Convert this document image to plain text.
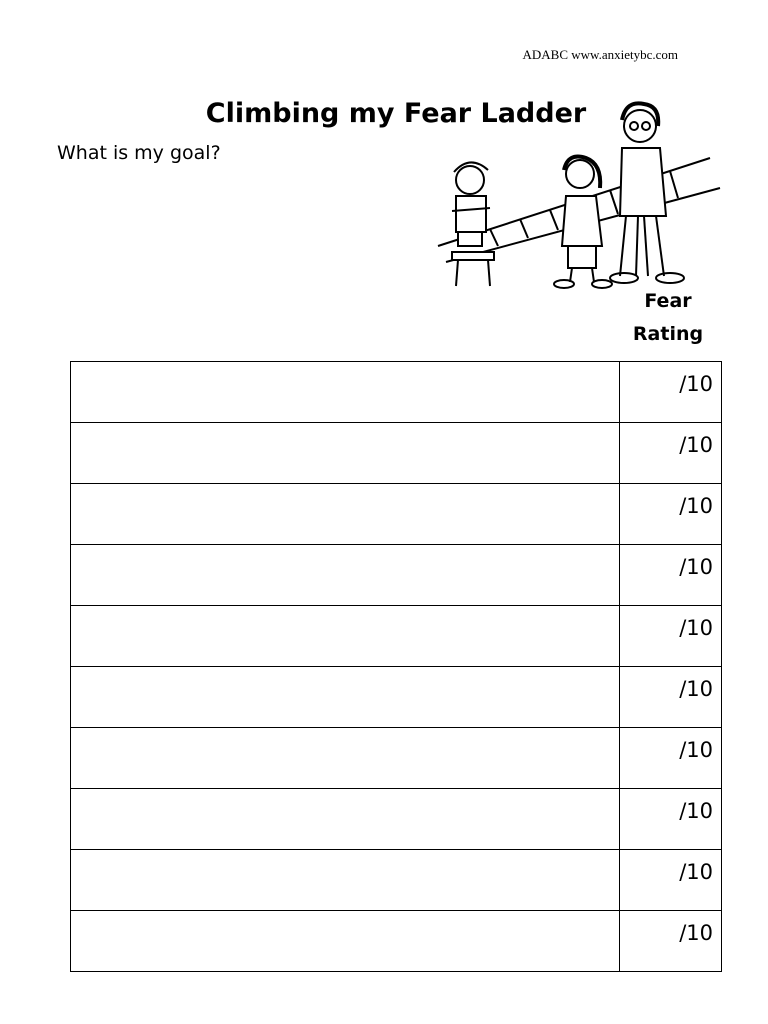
ADABC www.anxietybc.com
Climbing my Fear Ladder
What is my goal?
Fear
Rating
	/10
	/10
	/10
	/10
	/10
	/10
	/10
	/10
	/10
	/10
